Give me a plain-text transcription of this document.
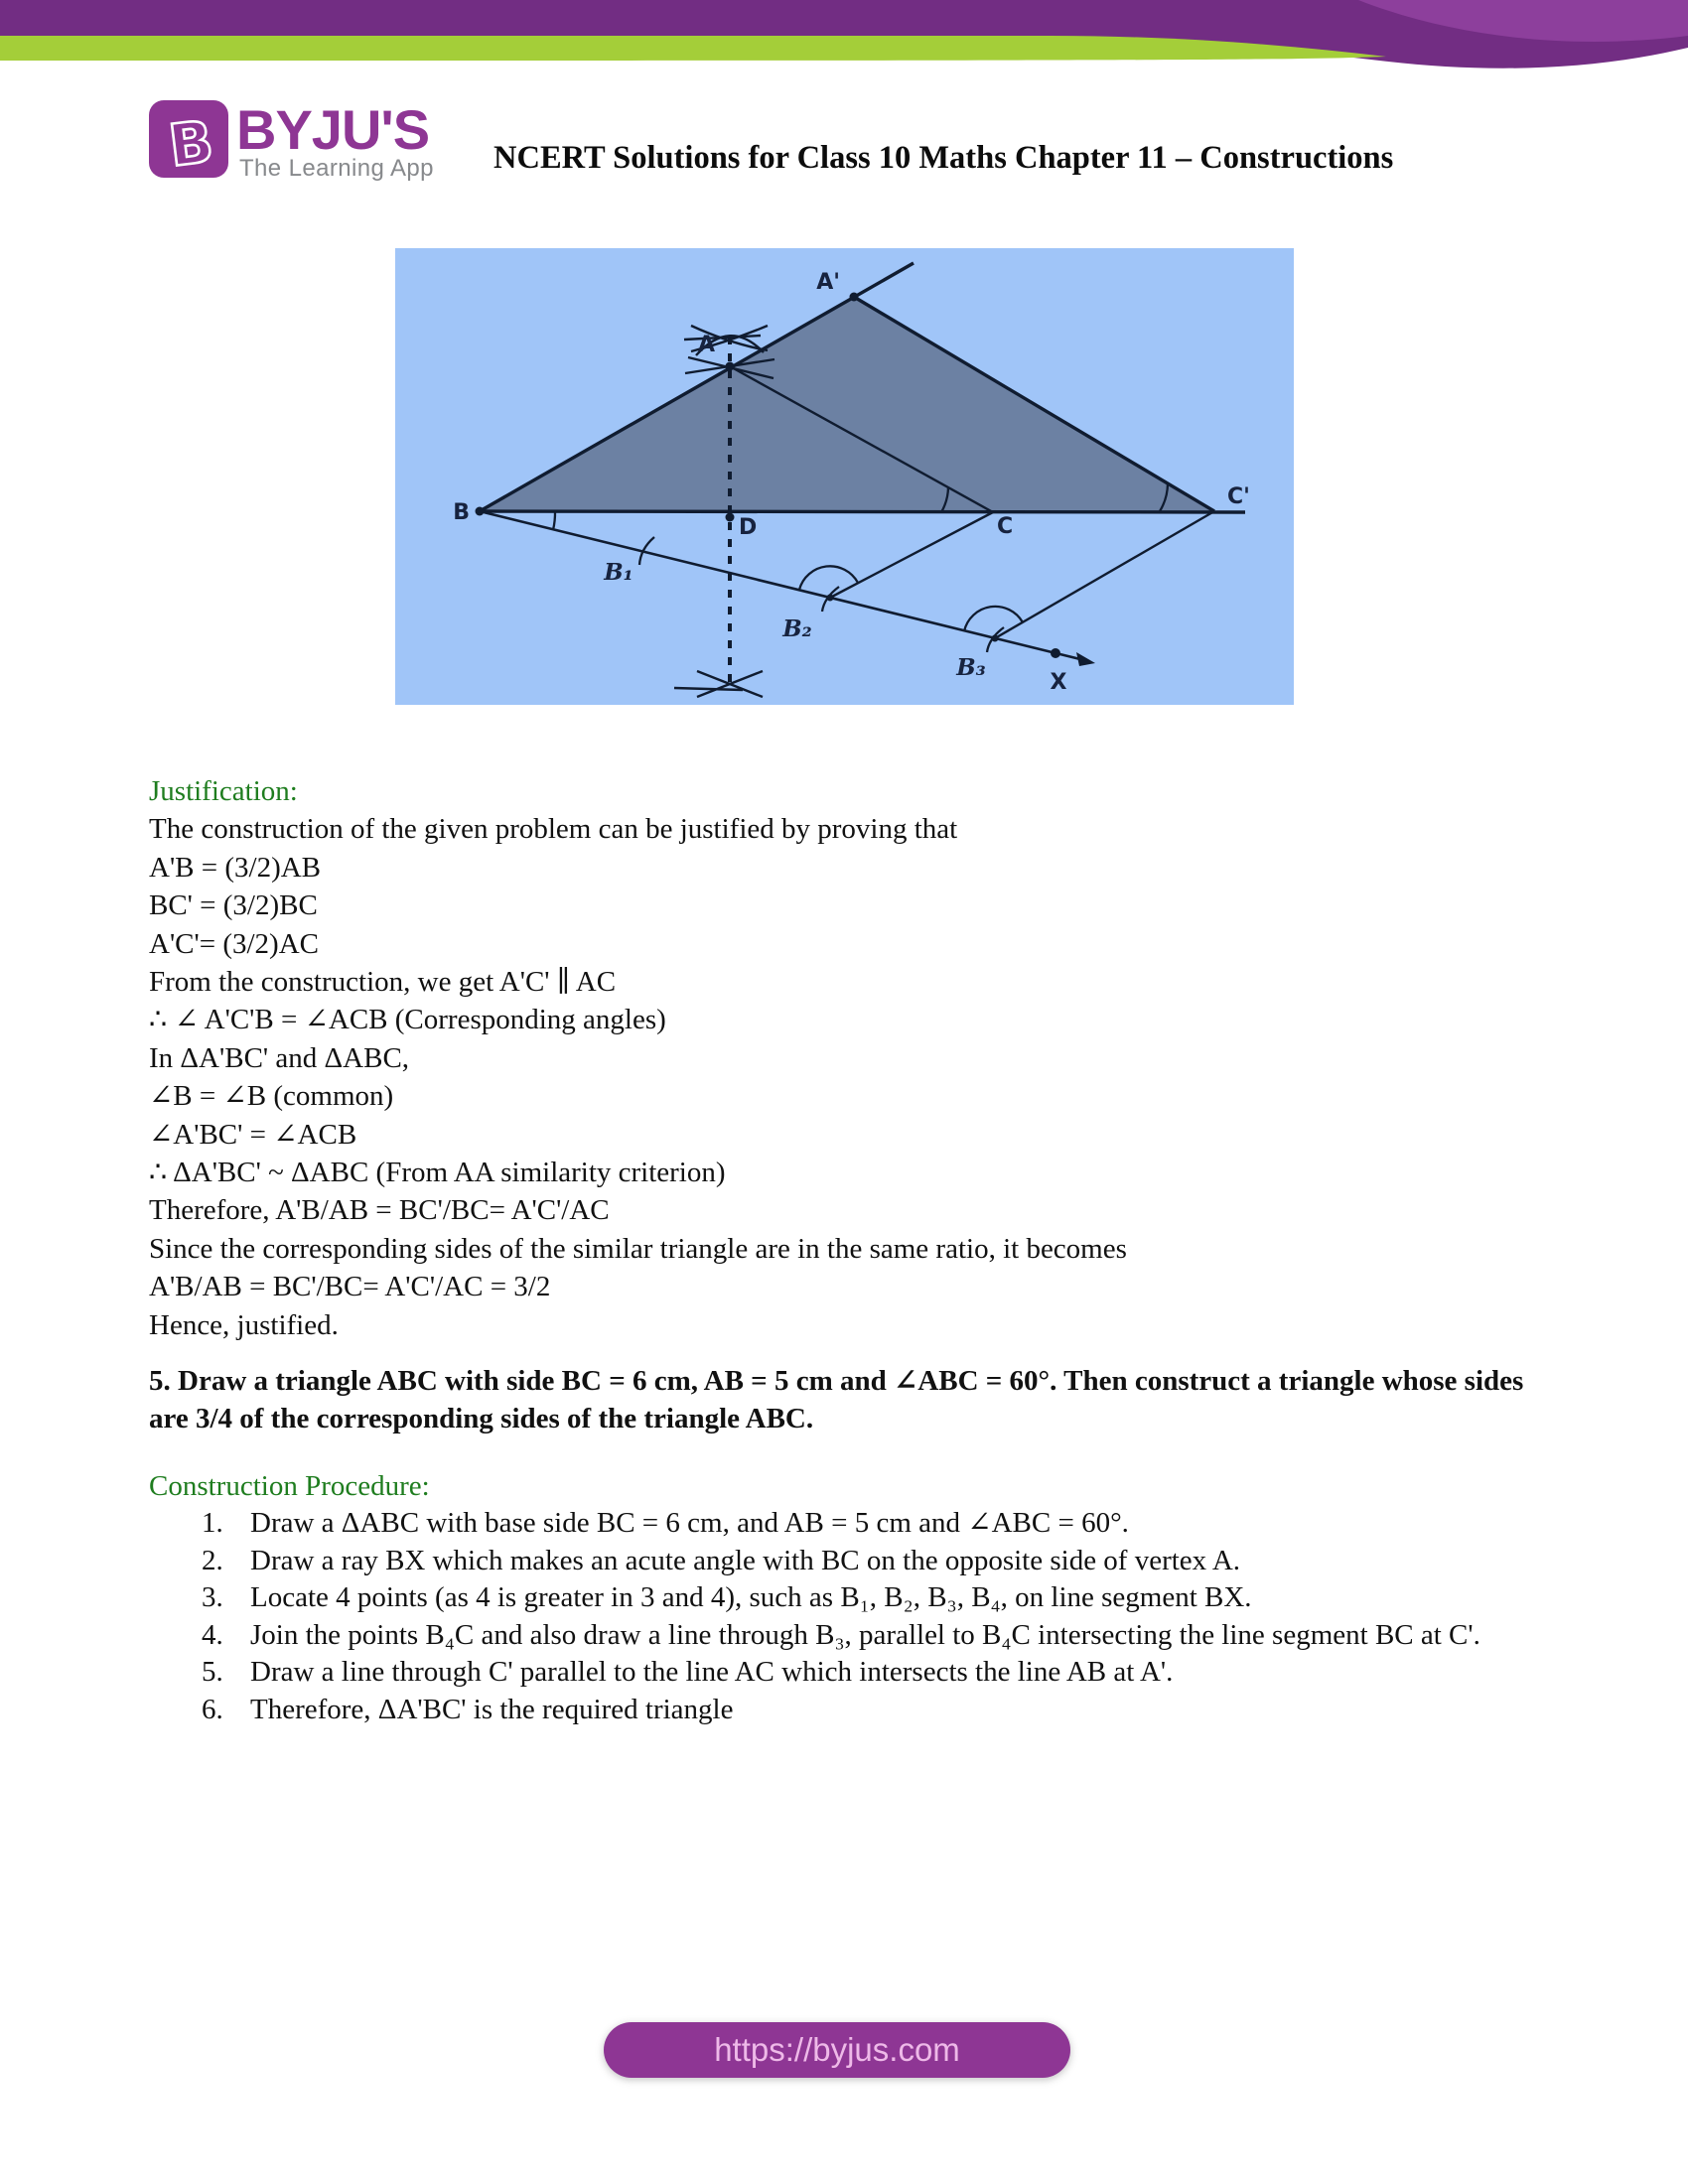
B BYJU'S
The Learning App NCERT Solutions for Class 10 Maths Chapter 11 – Constructions
A'
A
B
C
C'
D
B₁
B₂
B₃
X
Justification:
The construction of the given problem can be justified by proving that
A'B = (3/2)AB
BC' = (3/2)BC
A'C'= (3/2)AC
From the construction, we get A'C' ∥ AC
∴ ∠ A'C'B = ∠ACB (Corresponding angles)
In ΔA'BC' and ΔABC,
∠B = ∠B (common)
∠A'BC' = ∠ACB
∴ ΔA'BC' ~ ΔABC (From AA similarity criterion)
Therefore, A'B/AB = BC'/BC= A'C'/AC
Since the corresponding sides of the similar triangle are in the same ratio, it becomes
A'B/AB = BC'/BC= A'C'/AC = 3/2
Hence, justified.
5. Draw a triangle ABC with side BC = 6 cm, AB = 5 cm and ∠ABC = 60°. Then construct a triangle whose sides are 3/4 of the corresponding sides of the triangle ABC.
Construction Procedure:
1. Draw a ΔABC with base side BC = 6 cm, and AB = 5 cm and ∠ABC = 60°.
2. Draw a ray BX which makes an acute angle with BC on the opposite side of vertex A.
3. Locate 4 points (as 4 is greater in 3 and 4), such as B₁, B₂, B₃, B₄, on line segment BX.
4. Join the points B₄C and also draw a line through B₃, parallel to B₄C intersecting the line segment BC at C'.
5. Draw a line through C' parallel to the line AC which intersects the line AB at A'.
6. Therefore, ΔA'BC' is the required triangle
https://byjus.com
